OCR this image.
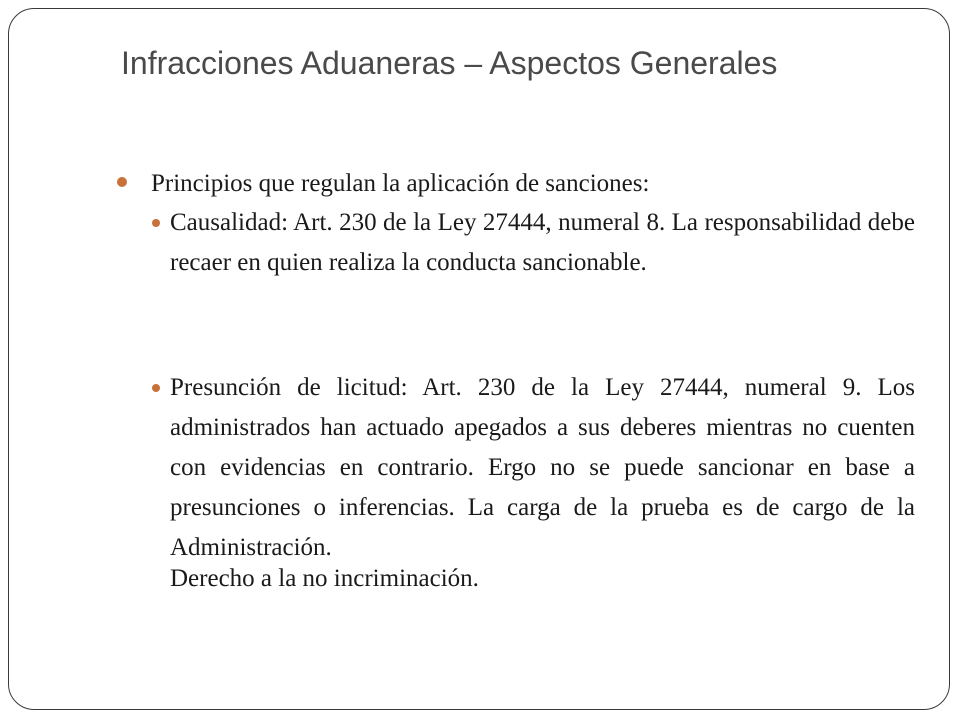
Infracciones Aduaneras – Aspectos Generales

Principios que regulan la aplicación de sanciones:

Causalidad: Art. 230 de la Ley 27444, numeral 8. La responsabilidad debe recaer en quien realiza la conducta sancionable.

Presunción de licitud: Art. 230 de la Ley 27444, numeral 9. Los administrados han actuado apegados a sus deberes mientras no cuenten con evidencias en contrario. Ergo no se puede sancionar en base a presunciones o inferencias. La carga de la prueba es de cargo de la Administración.

Derecho a la no incriminación.
